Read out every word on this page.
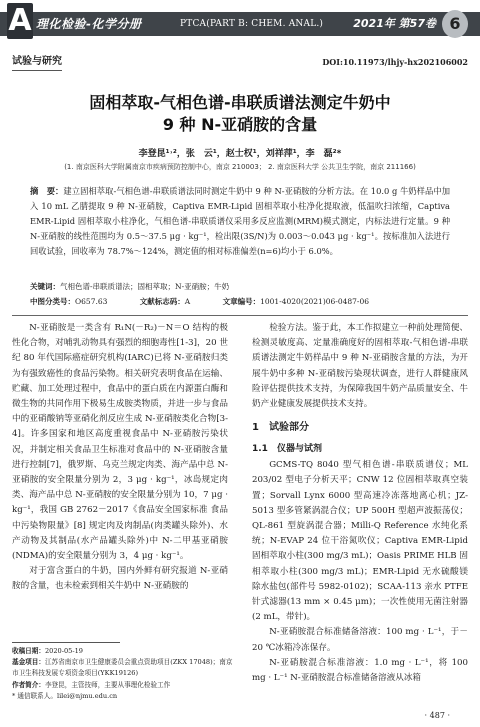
A 理化检验-化学分册	PTCA(PART B: CHEM. ANAL.)	2021年 第57卷 6
试验与研究	DOI:10.11973/lhjy-hx202106002
固相萃取-气相色谱-串联质谱法测定牛奶中
9 种 N-亚硝胺的含量
李登昆¹˒²，张　云¹，赵士权¹，刘祥萍¹，李　磊²*
(1. 南京医科大学附属南京市疾病预防控制中心，南京 210003； 2. 南京医科大学 公共卫生学院，南京 211166)
摘　要：建立固相萃取-气相色谱-串联质谱法同时测定牛奶中 9 种 N-亚硝胺的分析方法。在 10.0 g 牛奶样品中加入 10 mL 乙腈提取 9 种 N-亚硝胺，Captiva EMR-Lipid 固相萃取小柱净化提取液，低温吹扫浓缩，Captiva EMR-Lipid 固相萃取小柱净化，气相色谱-串联质谱仪采用多反应监测(MRM)模式测定，内标法进行定量。9 种 N-亚硝胺的线性范围均为 0.5～37.5 μg · kg⁻¹，检出限(3S/N)为 0.003～0.043 μg · kg⁻¹。按标准加入法进行回收试验，回收率为 78.7%～124%，测定值的相对标准偏差(n=6)均小于 6.0%。
关键词：气相色谱-串联质谱法；固相萃取；N-亚硝胺；牛奶
中图分类号：O657.63	文献标志码：A	文章编号：1001-4020(2021)06-0487-06

N-亚硝胺是一类含有 R₁N(－R₂)－N＝O 结构的极性化合物，对哺乳动物具有强烈的细胞毒性[1-3]，20 世纪 80 年代国际癌症研究机构(IARC)已将 N-亚硝胺归类为有强致癌性的食品污染物。相关研究表明食品在运输、贮藏、加工处理过程中，食品中的蛋白质在内源蛋白酶和微生物的共同作用下极易生成胺类物质，并进一步与食品中的亚硝酸钠等亚硝化剂反应生成 N-亚硝胺类化合物[3-4]。许多国家和地区高度重视食品中 N-亚硝胺污染状况，并制定相关食品卫生标准对食品中的 N-亚硝胺含量进行控制[7]，俄罗斯、乌克兰规定肉类、海产品中总 N-亚硝胺的安全限量分别为 2，3 μg · kg⁻¹，冰岛规定肉类、海产品中总 N-亚硝胺的安全限量分别为 10，7 μg · kg⁻¹，我国 GB 2762－2017《食品安全国家标准 食品中污染物限量》[8] 规定肉及肉制品(肉类罐头除外)、水产动物及其制品(水产品罐头除外)中 N-二甲基亚硝胺(NDMA)的安全限量分别为 3，4 μg · kg⁻¹。

对于富含蛋白的牛奶，国内外鲜有研究报道 N-亚硝胺的含量，也未检索到相关牛奶中 N-亚硝胺的

检验方法。鉴于此，本工作拟建立一种前处理简便、检测灵敏度高、定量准确度好的固相萃取-气相色谱-串联质谱法测定牛奶样品中 9 种 N-亚硝胺含量的方法，为开展牛奶中多种 N-亚硝胺污染现状调查，进行人群健康风险评估提供技术支持，为保障我国牛奶产品质量安全、牛奶产业健康发展提供技术支持。

1　试验部分
1.1　仪器与试剂

GCMS-TQ 8040 型气相色谱-串联质谱仪；ML 203/02 型电子分析天平；CNW 12 位固相萃取真空装置；Sorvall Lynx 6000 型高速冷冻落地离心机；JZ-5013 型多管紧涡混合仪；UP 500H 型超声波振荡仪；QL-861 型旋涡混合器；Milli-Q Reference 水纯化系统；N-EVAP 24 位干浴氮吹仪；Captiva EMR-Lipid 固相萃取小柱(300 mg/3 mL)；Oasis PRIME HLB 固相萃取小柱(300 mg/3 mL)；EMR-Lipid 无水硫酸镁除水盐包(部件号 5982-0102)；SCAA-113 亲水 PTFE 针式滤器(13 mm × 0.45 μm)；一次性使用无菌注射器(2 mL，带针)。

N-亚硝胺混合标准储备溶液：100 mg · L⁻¹，于－20 ℃冰箱冷冻保存。

N-亚硝胺混合标准溶液：1.0 mg · L⁻¹，将 100 mg · L⁻¹ N-亚硝胺混合标准储备溶液从冰箱

收稿日期：2020-05-19
基金项目：江苏省南京市卫生健康委员会重点资助项目(ZKX 17048)；南京市卫生科技发展专项资金项目(YKK19126)
作者简介：李登昆，主管技师，主要从事理化检验工作
* 通信联系人。lilei@njmu.edu.cn
· 487 ·
